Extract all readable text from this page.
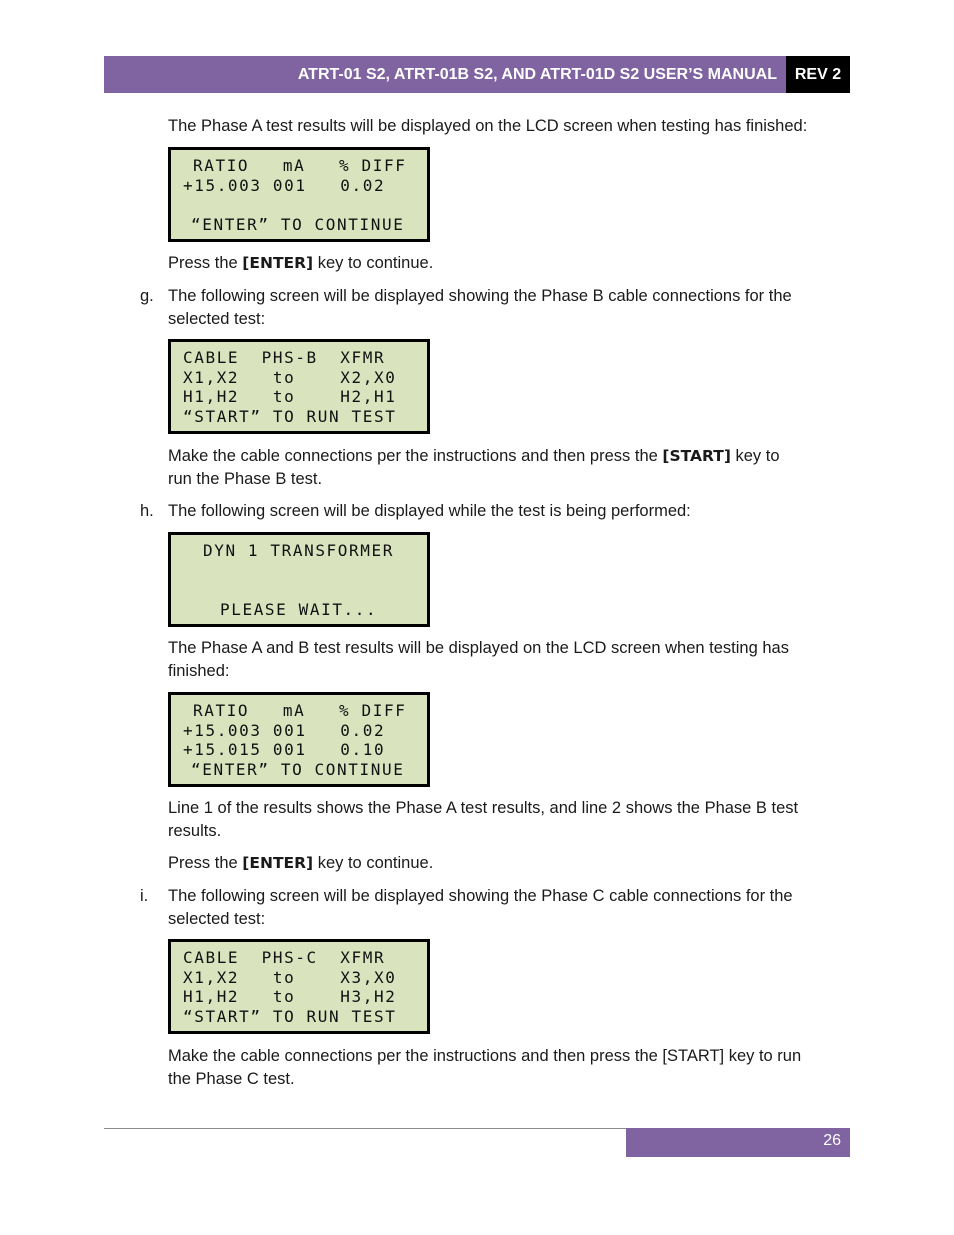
ATRT-01 S2, ATRT-01B S2, AND ATRT-01D S2 USER’S MANUAL	REV 2

The Phase A test results will be displayed on the LCD screen when testing has finished:

RATIO   mA   % DIFF
+15.003 001   0.02
“ENTER” TO CONTINUE

Press the [ENTER] key to continue.

g. The following screen will be displayed showing the Phase B cable connections for the

selected test:

CABLE  PHS-B  XFMR
X1,X2   to    X2,X0
H1,H2   to    H2,H1
“START” TO RUN TEST

Make the cable connections per the instructions and then press the [START] key to

run the Phase B test.

h. The following screen will be displayed while the test is being performed:

DYN 1 TRANSFORMER
PLEASE WAIT...

The Phase A and B test results will be displayed on the LCD screen when testing has

finished:

RATIO   mA   % DIFF
+15.003 001   0.02
+15.015 001   0.10
“ENTER” TO CONTINUE

Line 1 of the results shows the Phase A test results, and line 2 shows the Phase B test

results.

Press the [ENTER] key to continue.

i. The following screen will be displayed showing the Phase C cable connections for the

selected test:

CABLE  PHS-C  XFMR
X1,X2   to    X3,X0
H1,H2   to    H3,H2
“START” TO RUN TEST

Make the cable connections per the instructions and then press the [START] key to run

the Phase C test.

26
